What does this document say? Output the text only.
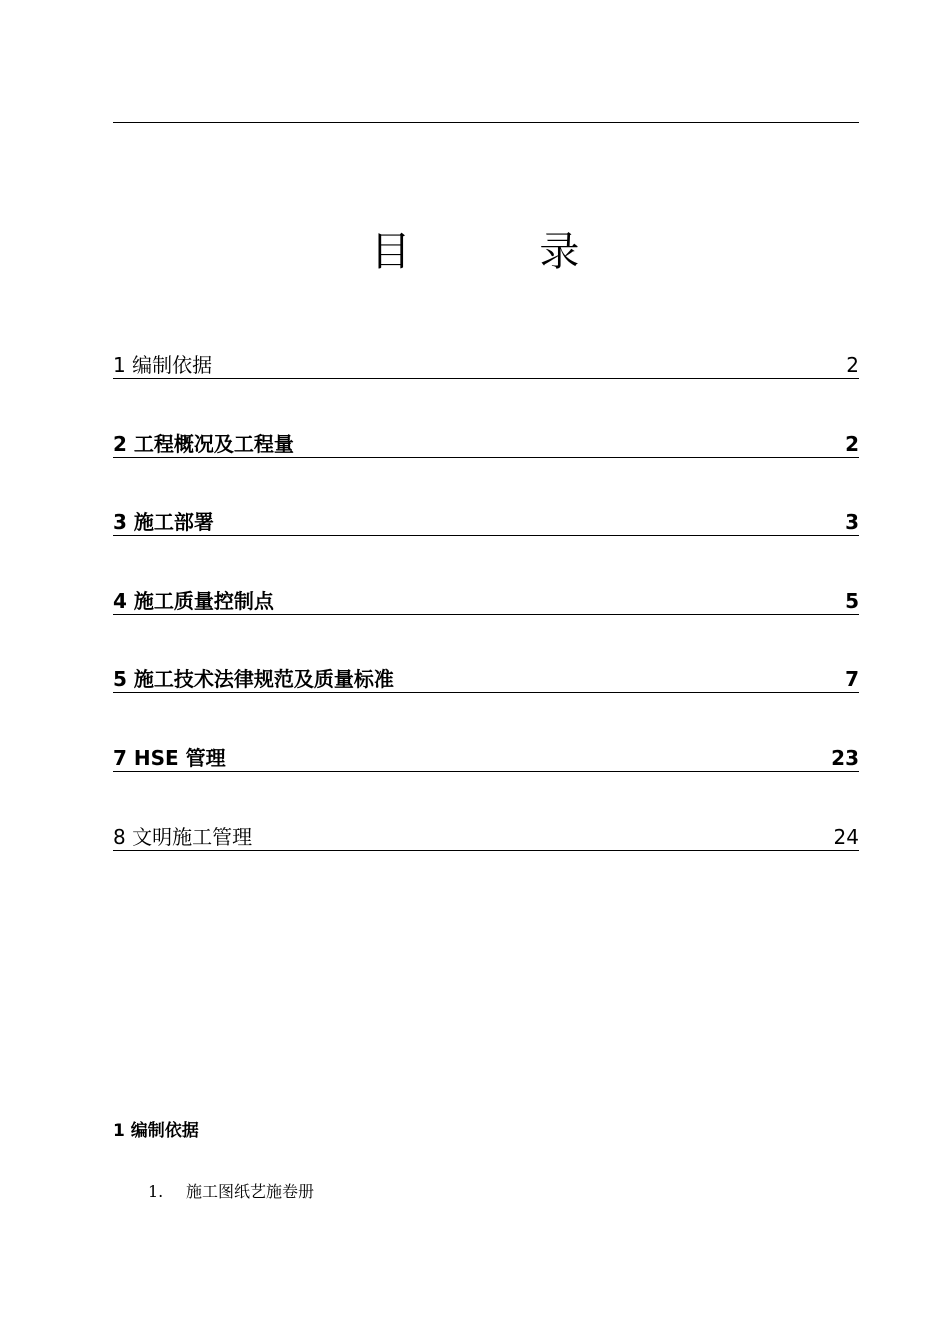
目 录
1 编制依据	2
2 工程概况及工程量	2
3 施工部署	3
4 施工质量控制点	5
5 施工技术法律规范及质量标准	7
7 HSE 管理	23
8 文明施工管理	24
1 编制依据
1. 施工图纸艺施卷册
